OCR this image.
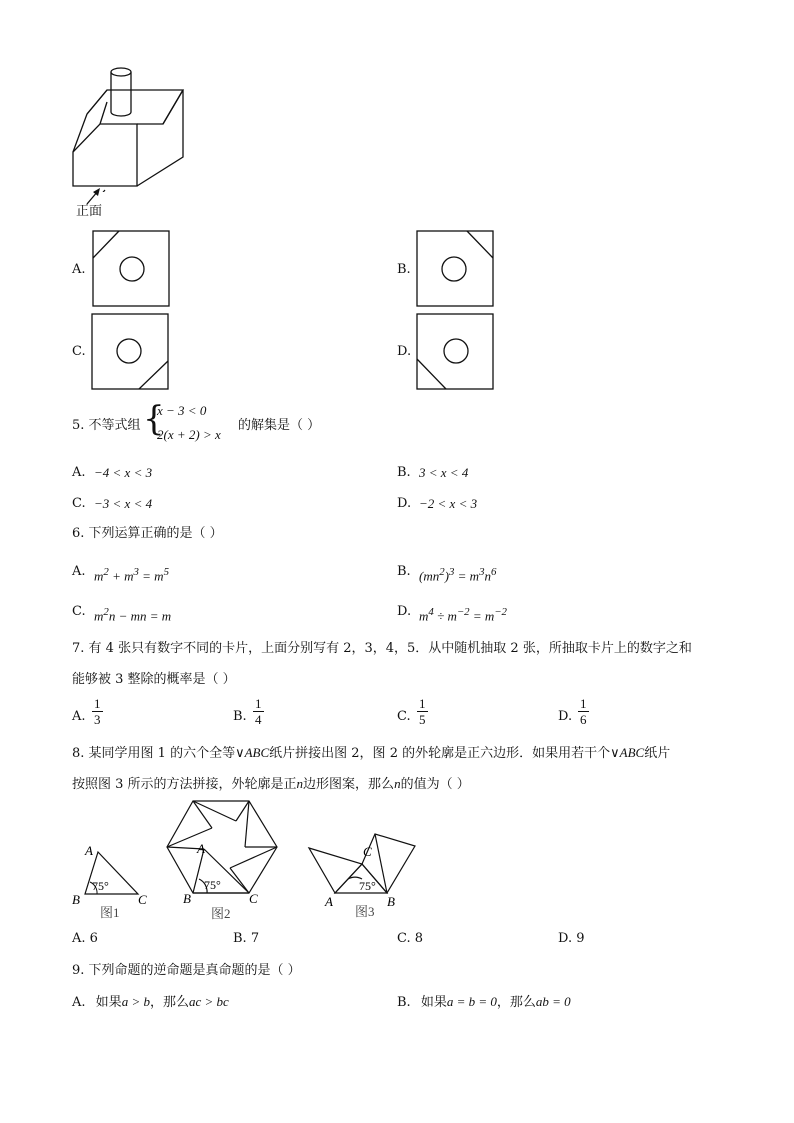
正面
A.	B.
C.	D.
5. 不等式组 {
x − 3 < 0
2(x + 2) > x
的解集是（ ）
A. −4 < x < 3	B. 3 < x < 4
C. −3 < x < 4	D. −2 < x < 3
6. 下列运算正确的是（ ）
A. $m^2 + m^3 = m^5$	B. $(mn^2)^3 = m^3n^6$
C. $m^2n$ − mn = m	D. $m^4 \div m^{-2} = m^{-2}$
7. 有 4 张只有数字不同的卡片，上面分别写有 2，3，4，5．从中随机抽取 2 张，所抽取卡片上的数字之和
能够被 3 整除的概率是（ ）
A. $\frac{1}{3}$	B. $\frac{1}{4}$	C. $\frac{1}{5}$	D. $\frac{1}{6}$
8. 某同学用图 1 的六个全等∨ABC纸片拼接出图 2，图 2 的外轮廓是正六边形．如果用若干个∨ABC纸片
按照图 3 所示的方法拼接，外轮廓是正n边形图案，那么n的值为（ ）
A
B	C
75°
图1
A
B	C
75°
图2
C
A	B
75°
图3
A. 6	B. 7	C. 8	D. 9
9. 下列命题的逆命题是真命题的是（ ）
A. 如果a > b，那么ac > bc	B. 如果a = b = 0，那么ab = 0
